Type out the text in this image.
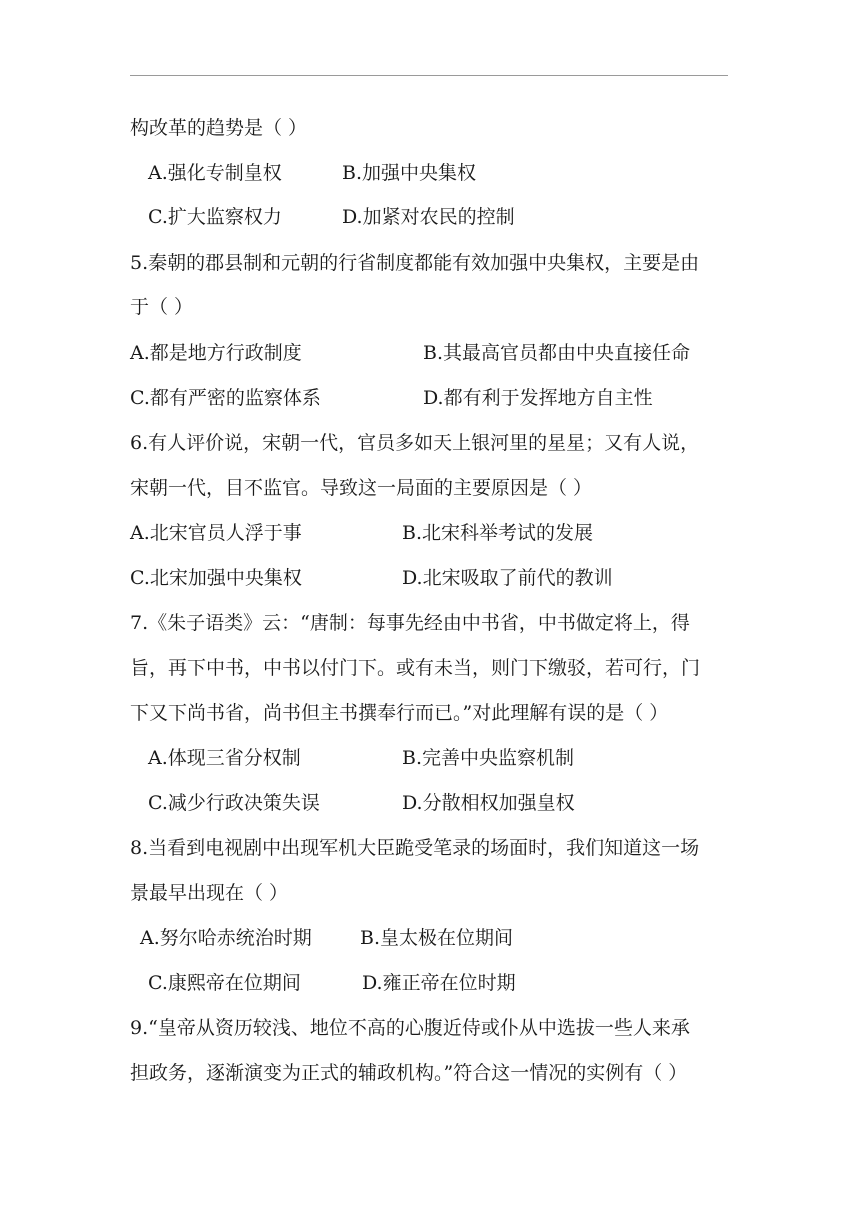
构改革的趋势是（ ）
A.强化专制皇权	B.加强中央集权
C.扩大监察权力	D.加紧对农民的控制
5.秦朝的郡县制和元朝的行省制度都能有效加强中央集权，主要是由
于（ ）
A.都是地方行政制度	B.其最高官员都由中央直接任命
C.都有严密的监察体系	D.都有利于发挥地方自主性
6.有人评价说，宋朝一代，官员多如天上银河里的星星；又有人说，
宋朝一代，目不监官。导致这一局面的主要原因是（ ）
A.北宋官员人浮于事	B.北宋科举考试的发展
C.北宋加强中央集权	D.北宋吸取了前代的教训
7.《朱子语类》云：“唐制：每事先经由中书省，中书做定将上，得
旨，再下中书，中书以付门下。或有未当，则门下缴驳，若可行，门
下又下尚书省，尚书但主书撰奉行而已。”对此理解有误的是（ ）
A.体现三省分权制	B.完善中央监察机制
C.减少行政决策失误	D.分散相权加强皇权
8.当看到电视剧中出现军机大臣跪受笔录的场面时，我们知道这一场
景最早出现在（ ）
A.努尔哈赤统治时期	B.皇太极在位期间
C.康熙帝在位期间	D.雍正帝在位时期
9.“皇帝从资历较浅、地位不高的心腹近侍或仆从中选拔一些人来承
担政务，逐渐演变为正式的辅政机构。”符合这一情况的实例有（ ）
